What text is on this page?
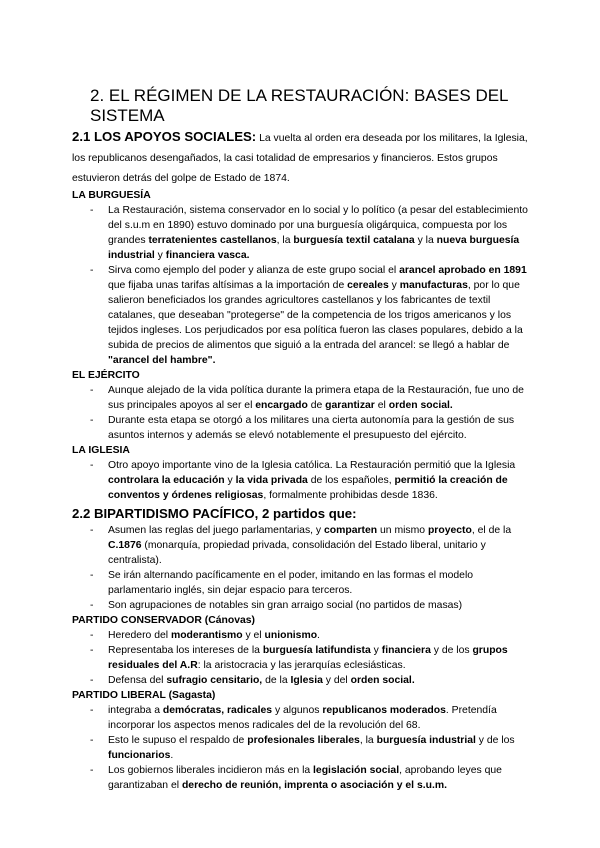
2. EL RÉGIMEN DE LA RESTAURACIÓN: BASES DEL SISTEMA
2.1 LOS APOYOS SOCIALES: La vuelta al orden era deseada por los militares, la Iglesia, los republicanos desengañados, la casi totalidad de empresarios y financieros. Estos grupos estuvieron detrás del golpe de Estado de 1874.
LA BURGUESÍA
- La Restauración, sistema conservador en lo social y lo político (a pesar del establecimiento del s.u.m en 1890) estuvo dominado por una burguesía oligárquica, compuesta por los grandes terratenientes castellanos, la burguesía textil catalana y la nueva burguesía industrial y financiera vasca.
- Sirva como ejemplo del poder y alianza de este grupo social el arancel aprobado en 1891 que fijaba unas tarifas altísimas a la importación de cereales y manufacturas, por lo que salieron beneficiados los grandes agricultores castellanos y los fabricantes de textil catalanes, que deseaban "protegerse" de la competencia de los trigos americanos y los tejidos ingleses. Los perjudicados por esa política fueron las clases populares, debido a la subida de precios de alimentos que siguió a la entrada del arancel: se llegó a hablar de "arancel del hambre".
EL EJÉRCITO
- Aunque alejado de la vida política durante la primera etapa de la Restauración, fue uno de sus principales apoyos al ser el encargado de garantizar el orden social.
- Durante esta etapa se otorgó a los militares una cierta autonomía para la gestión de sus asuntos internos y además se elevó notablemente el presupuesto del ejército.
LA IGLESIA
- Otro apoyo importante vino de la Iglesia católica. La Restauración permitió que la Iglesia controlara la educación y la vida privada de los españoles, permitió la creación de conventos y órdenes religiosas, formalmente prohibidas desde 1836.
2.2 BIPARTIDISMO PACÍFICO, 2 partidos que:
- Asumen las reglas del juego parlamentarias, y comparten un mismo proyecto, el de la C.1876 (monarquía, propiedad privada, consolidación del Estado liberal, unitario y centralista).
- Se irán alternando pacíficamente en el poder, imitando en las formas el modelo parlamentario inglés, sin dejar espacio para terceros.
- Son agrupaciones de notables sin gran arraigo social (no partidos de masas)
PARTIDO CONSERVADOR (Cánovas)
- Heredero del moderantismo y el unionismo.
- Representaba los intereses de la burguesía latifundista y financiera y de los grupos residuales del A.R: la aristocracia y las jerarquías eclesiásticas.
- Defensa del sufragio censitario, de la Iglesia y del orden social.
PARTIDO LIBERAL (Sagasta)
- integraba a demócratas, radicales y algunos republicanos moderados. Pretendía incorporar los aspectos menos radicales del de la revolución del 68.
- Esto le supuso el respaldo de profesionales liberales, la burguesía industrial y de los funcionarios.
- Los gobiernos liberales incidieron más en la legislación social, aprobando leyes que garantizaban el derecho de reunión, imprenta o asociación y el s.u.m.
